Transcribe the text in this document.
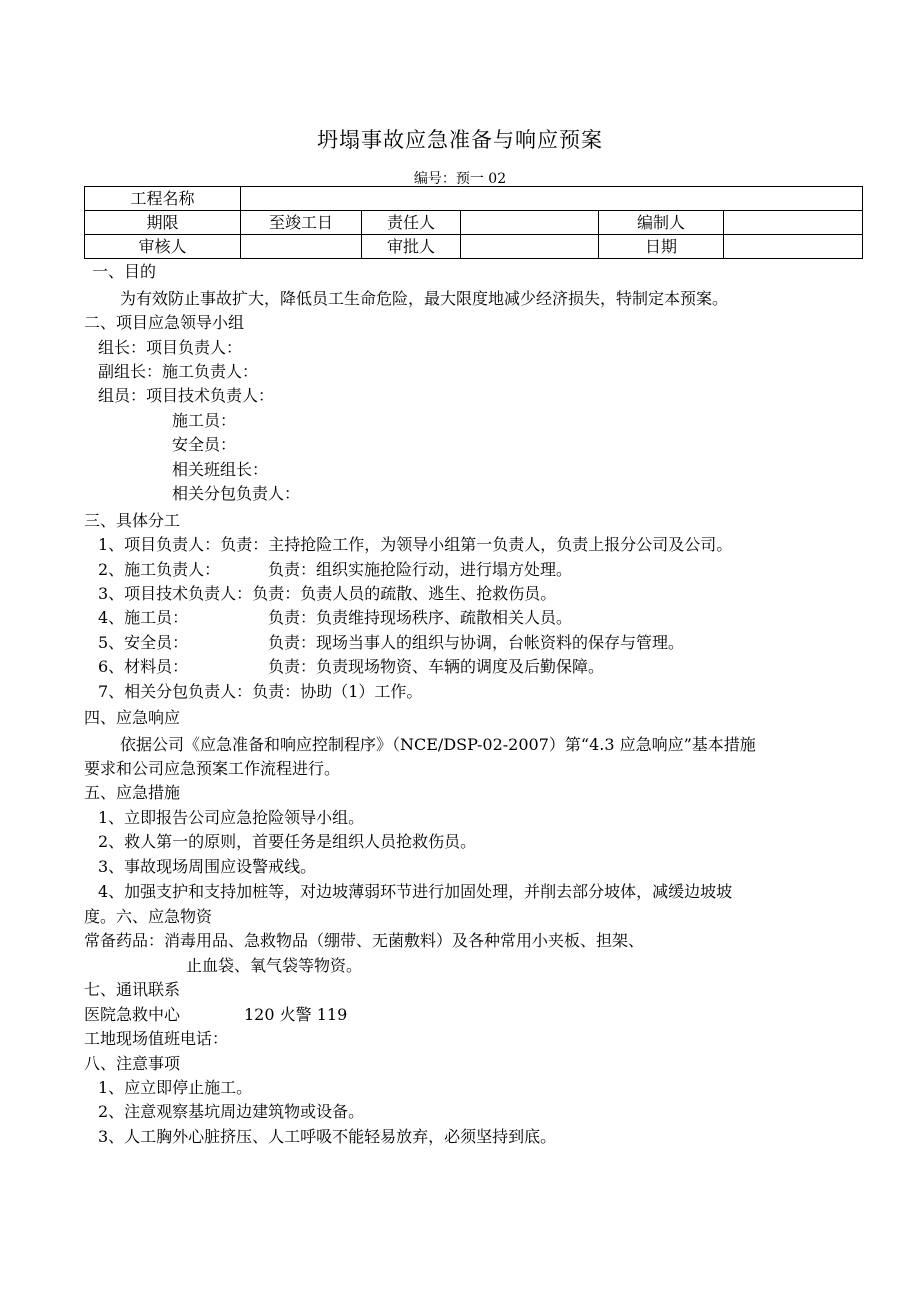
坍塌事故应急准备与响应预案
编号：预一 02
工程名称					
期限	至竣工日	责任人		编制人	
审核人		审批人		日期	
一、目的
为有效防止事故扩大，降低员工生命危险，最大限度地减少经济损失，特制定本预案。
二、项目应急领导小组
组长：项目负责人：
副组长：施工负责人：
组员：项目技术负责人：
施工员：
安全员：
相关班组长：
相关分包负责人：
三、具体分工
1、项目负责人：负责：主持抢险工作，为领导小组第一负责人，负责上报分公司及公司。
2、施工负责人：	负责：组织实施抢险行动，进行塌方处理。
3、项目技术负责人：负责：负责人员的疏散、逃生、抢救伤员。
4、施工员：	负责：负责维持现场秩序、疏散相关人员。
5、安全员：	负责：现场当事人的组织与协调，台帐资料的保存与管理。
6、材料员：	负责：负责现场物资、车辆的调度及后勤保障。
7、相关分包负责人：负责：协助（1）工作。
四、应急响应
依据公司《应急准备和响应控制程序》（NCE/DSP-02-2007）第“4.3 应急响应”基本措施
要求和公司应急预案工作流程进行。
五、应急措施
1、立即报告公司应急抢险领导小组。
2、救人第一的原则，首要任务是组织人员抢救伤员。
3、事故现场周围应设警戒线。
4、加强支护和支持加桩等，对边坡薄弱环节进行加固处理，并削去部分坡体，减缓边坡坡
度。六、应急物资
常备药品：消毒用品、急救物品（绷带、无菌敷料）及各种常用小夹板、担架、
止血袋、氧气袋等物资。
七、通讯联系
医院急救中心	120 火警 119
工地现场值班电话：
八、注意事项
1、应立即停止施工。
2、注意观察基坑周边建筑物或设备。
3、人工胸外心脏挤压、人工呼吸不能轻易放弃，必须坚持到底。
